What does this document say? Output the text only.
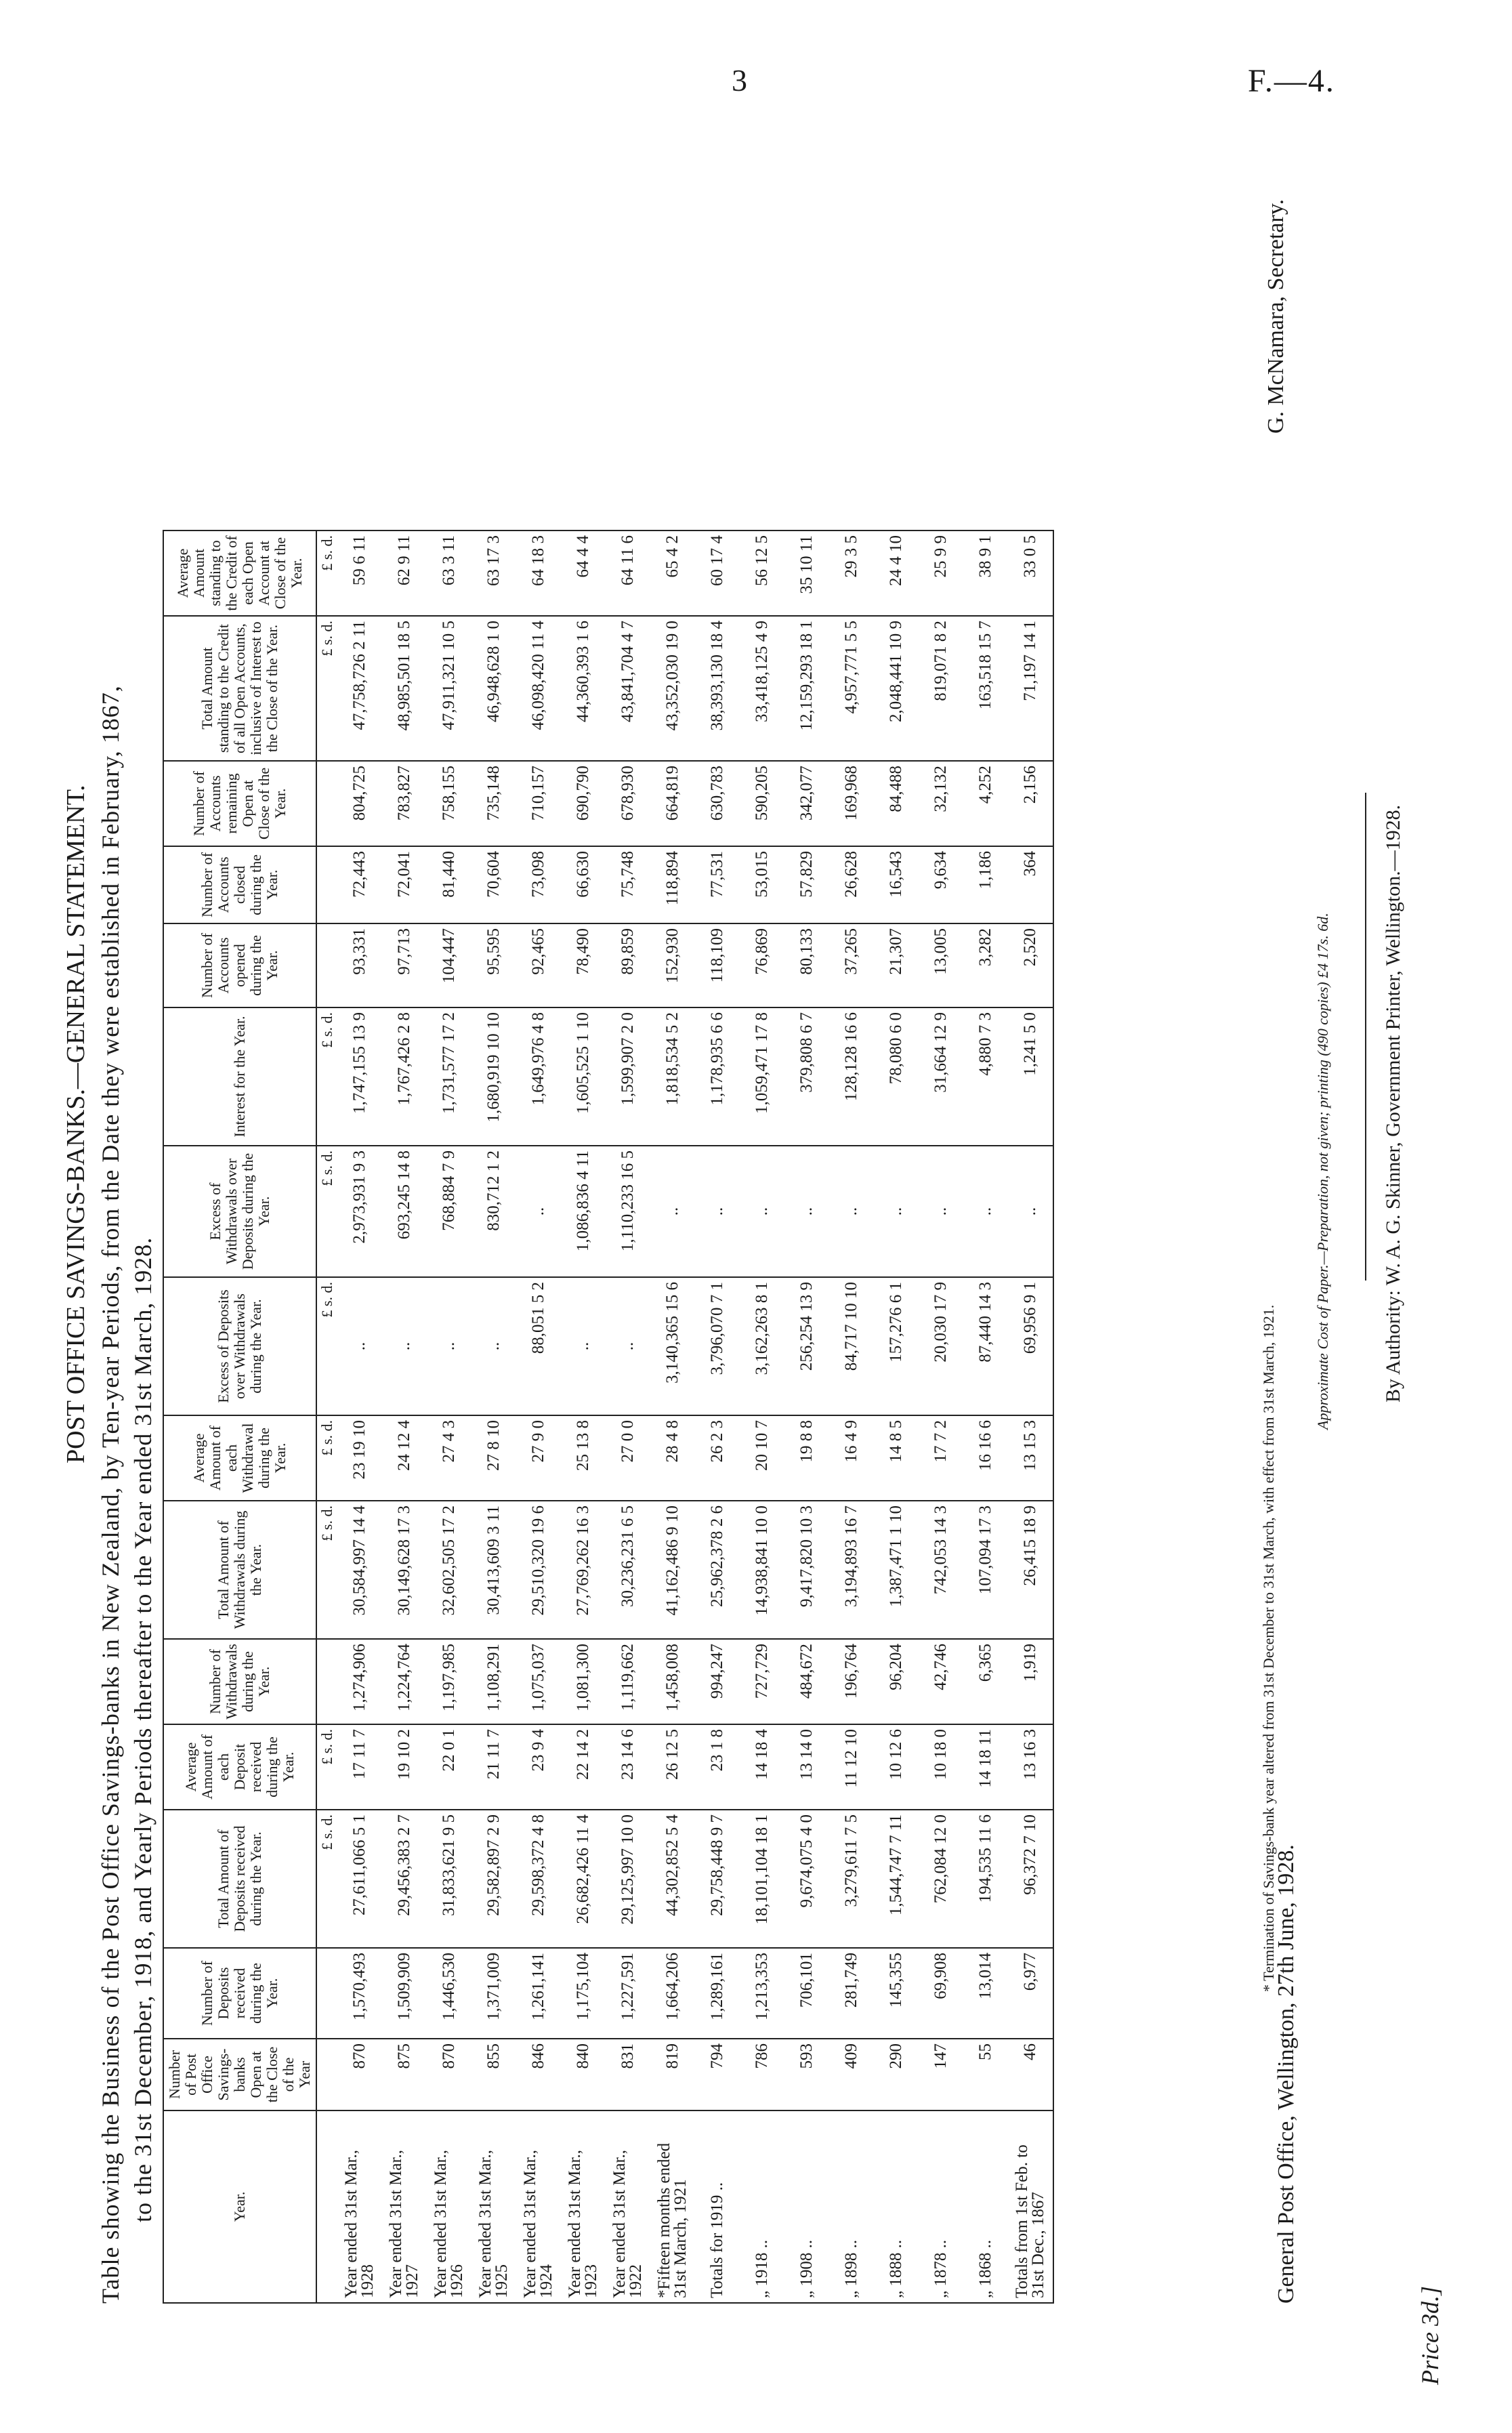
3	F.—4.
POST OFFICE SAVINGS-BANKS.—GENERAL STATEMENT. Table showing the Business of the Post Office Savings-banks in New Zealand, by Ten-year Periods, from the Date they were established in February, 1867, to the 31st December, 1918, and Yearly Periods thereafter to the Year ended 31st March, 1928.	Year.	Number of Post Office Savings-banks Open at the Close of the Year	Number of Deposits received during the Year.	Total Amount of Deposits received during the Year.	Average Amount of each Deposit received during the Year.	Number of Withdrawals during the Year.	Total Amount of Withdrawals during the Year.	Average Amount of each Withdrawal during the Year.	Excess of Deposits over Withdrawals during the Year.	Excess of Withdrawals over Deposits during the Year.	Interest for the Year.	Number of Accounts opened during the Year.	Number of Accounts closed during the Year.	Number of Accounts remaining Open at Close of the Year.	Total Amount standing to the Credit of all Open Accounts, inclusive of Interest to the Close of the Year.	Average Amount standing to the Credit of each Open Account at Close of the Year.
			£ s. d.	£ s. d.		£ s. d.	£ s. d.	£ s. d.	£ s. d.	£ s. d.				£ s. d.	£ s. d.
Year ended 31st Mar., 1928	870	1,570,493	27,611,066 5 1	17 11 7	1,274,906	30,584,997 14 4	23 19 10	..	2,973,931 9 3	1,747,155 13 9	93,331	72,443	804,725	47,758,726 2 11	59 6 11
Year ended 31st Mar., 1927	875	1,509,909	29,456,383 2 7	19 10 2	1,224,764	30,149,628 17 3	24 12 4	..	693,245 14 8	1,767,426 2 8	97,713	72,041	783,827	48,985,501 18 5	62 9 11
Year ended 31st Mar., 1926	870	1,446,530	31,833,621 9 5	22 0 1	1,197,985	32,602,505 17 2	27 4 3	..	768,884 7 9	1,731,577 17 2	104,447	81,440	758,155	47,911,321 10 5	63 3 11
Year ended 31st Mar., 1925	855	1,371,009	29,582,897 2 9	21 11 7	1,108,291	30,413,609 3 11	27 8 10	..	830,712 1 2	1,680,919 10 10	95,595	70,604	735,148	46,948,628 1 0	63 17 3
Year ended 31st Mar., 1924	846	1,261,141	29,598,372 4 8	23 9 4	1,075,037	29,510,320 19 6	27 9 0	88,051 5 2	..	1,649,976 4 8	92,465	73,098	710,157	46,098,420 11 4	64 18 3
Year ended 31st Mar., 1923	840	1,175,104	26,682,426 11 4	22 14 2	1,081,300	27,769,262 16 3	25 13 8	..	1,086,836 4 11	1,605,525 1 10	78,490	66,630	690,790	44,360,393 1 6	64 4 4
Year ended 31st Mar., 1922	831	1,227,591	29,125,997 10 0	23 14 6	1,119,662	30,236,231 6 5	27 0 0	..	1,110,233 16 5	1,599,907 2 0	89,859	75,748	678,930	43,841,704 4 7	64 11 6
*Fifteen months ended 31st March, 1921	819	1,664,206	44,302,852 5 4	26 12 5	1,458,008	41,162,486 9 10	28 4 8	3,140,365 15 6	..	1,818,534 5 2	152,930	118,894	664,819	43,352,030 19 0	65 4 2
Totals for 1919 ..	794	1,289,161	29,758,448 9 7	23 1 8	994,247	25,962,378 2 6	26 2 3	3,796,070 7 1	..	1,178,935 6 6	118,109	77,531	630,783	38,393,130 18 4	60 17 4
„ 1918 ..	786	1,213,353	18,101,104 18 1	14 18 4	727,729	14,938,841 10 0	20 10 7	3,162,263 8 1	..	1,059,471 17 8	76,869	53,015	590,205	33,418,125 4 9	56 12 5
„ 1908 ..	593	706,101	9,674,075 4 0	13 14 0	484,672	9,417,820 10 3	19 8 8	256,254 13 9	..	379,808 6 7	80,133	57,829	342,077	12,159,293 18 1	35 10 11
„ 1898 ..	409	281,749	3,279,611 7 5	11 12 10	196,764	3,194,893 16 7	16 4 9	84,717 10 10	..	128,128 16 6	37,265	26,628	169,968	4,957,771 5 5	29 3 5
„ 1888 ..	290	145,355	1,544,747 7 11	10 12 6	96,204	1,387,471 1 10	14 8 5	157,276 6 1	..	78,080 6 0	21,307	16,543	84,488	2,048,441 10 9	24 4 10
„ 1878 ..	147	69,908	762,084 12 0	10 18 0	42,746	742,053 14 3	17 7 2	20,030 17 9	..	31,664 12 9	13,005	9,634	32,132	819,071 8 2	25 9 9
„ 1868 ..	55	13,014	194,535 11 6	14 18 11	6,365	107,094 17 3	16 16 6	87,440 14 3	..	4,880 7 3	3,282	1,186	4,252	163,518 15 7	38 9 1
Totals from 1st Feb. to 31st Dec., 1867	46	6,977	96,372 7 10	13 16 3	1,919	26,415 18 9	13 15 3	69,956 9 1	..	1,241 5 0	2,520	364	2,156	71,197 14 1	33 0 5
* Termination of Savings-bank year altered from 31st December to 31st March, with effect from 31st March, 1921.
General Post Office, Wellington, 27th June, 1928.
G. McNamara, Secretary.
Approximate Cost of Paper.—Preparation, not given; printing (490 copies) £4 17s. 6d.	By Authority: W. A. G. Skinner, Government Printer, Wellington.—1928.
Price 3d.]
